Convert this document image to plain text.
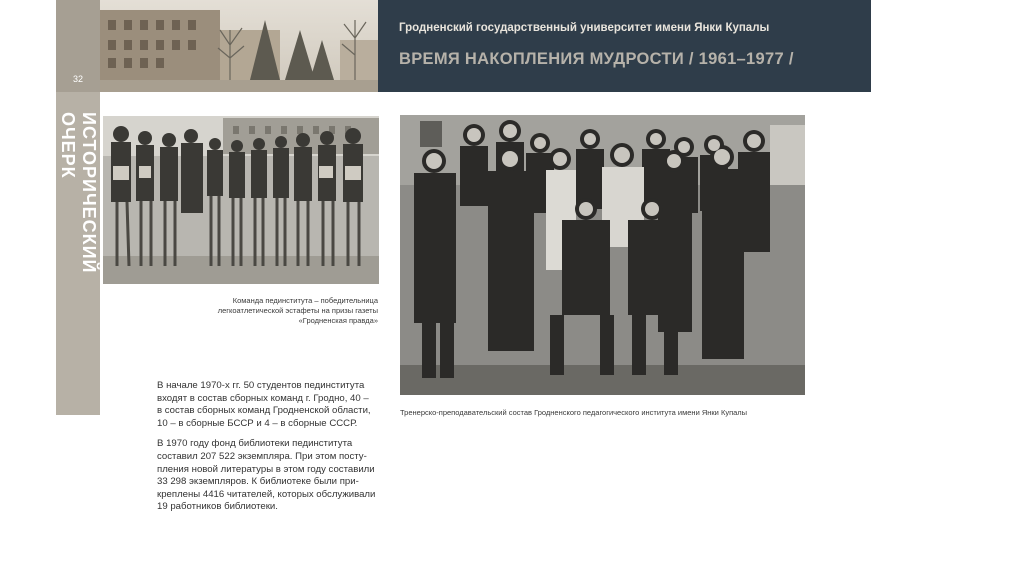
32
ИСТОРИЧЕСКИЙ ОЧЕРК
Гродненский государственный университет имени Янки Купалы
ВРЕМЯ НАКОПЛЕНИЯ МУДРОСТИ / 1961–1977 /
Команда пединститута – победительница
легкоатлетической эстафеты на призы газеты
«Гродненская правда»
Тренерско-преподавательский состав Гродненского педагогического института имени Янки Купалы
В начале 1970-х гг. 50 студентов пединститута
входят в состав сборных команд г. Гродно, 40 –
в состав сборных команд Гродненской области,
10 – в сборные БССР и 4 – в сборные СССР.
В 1970 году фонд библиотеки пединститута
составил 207 522 экземпляра. При этом посту-
пления новой литературы в этом году составили
33 298 экземпляров. К библиотеке были при-
креплены 4416 читателей, которых обслуживали
19 работников библиотеки.
